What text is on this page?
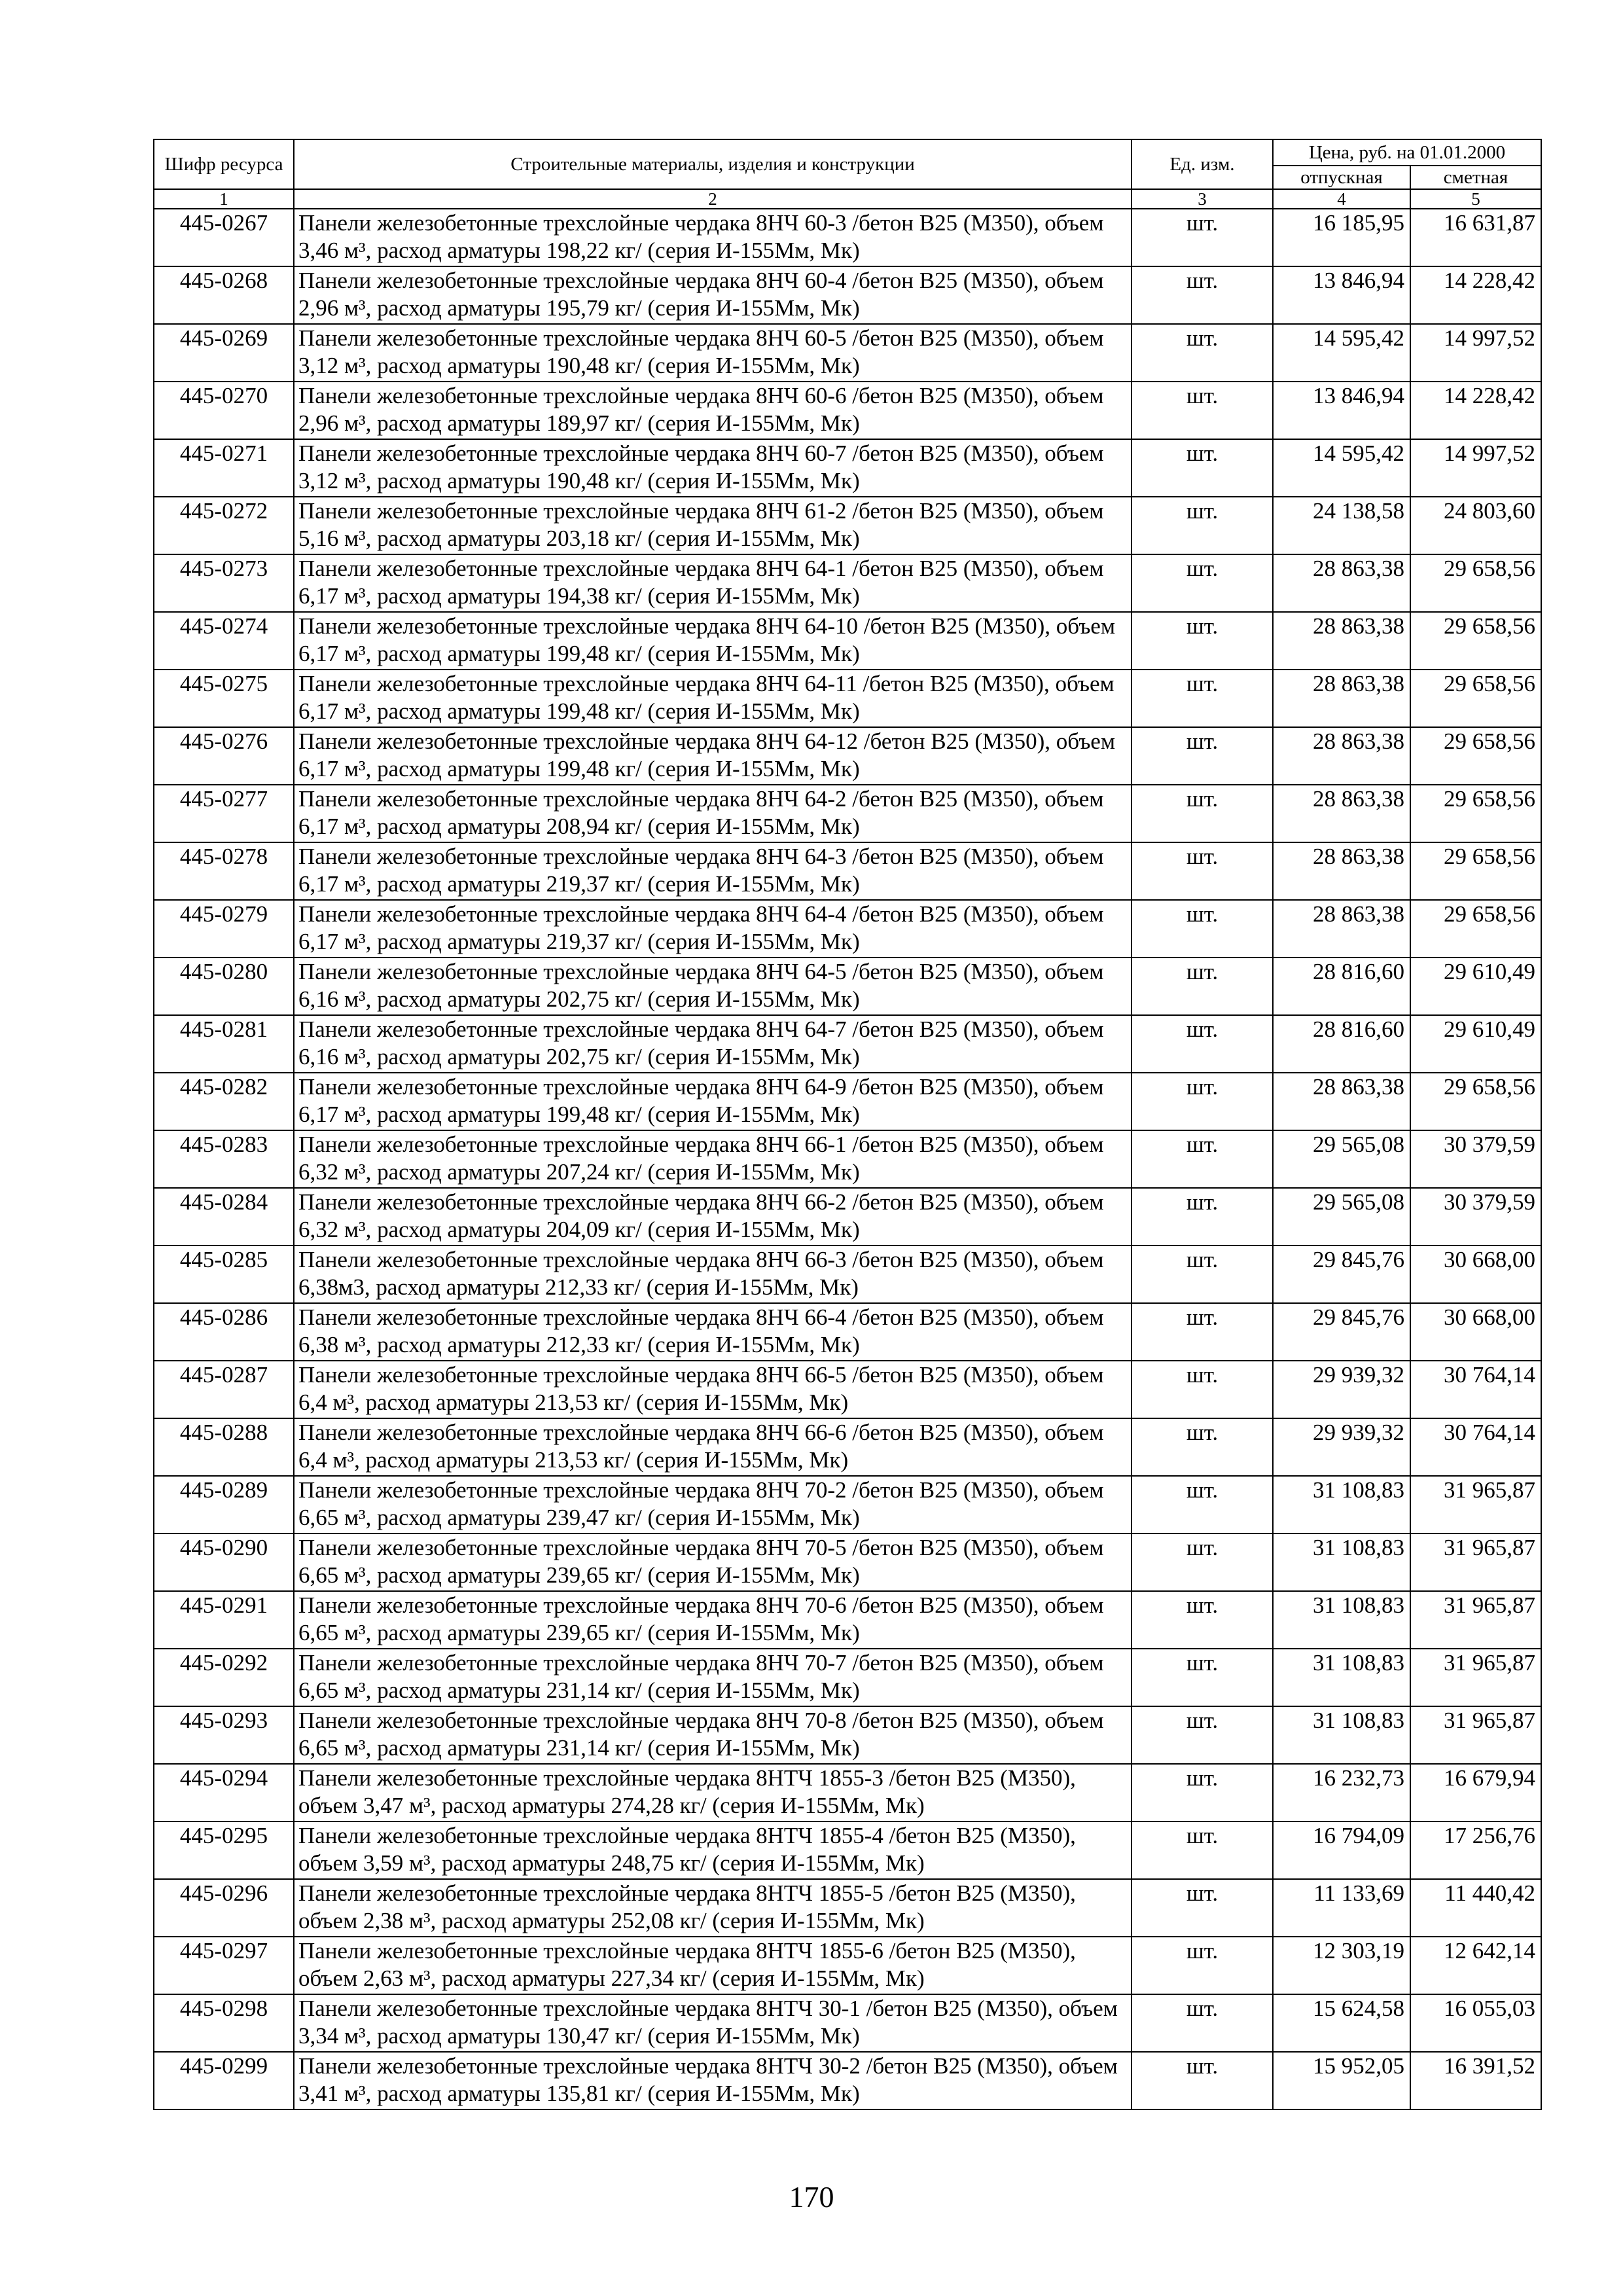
Шифр ресурса	Строительные материалы, изделия и конструкции	Ед. изм.	Цена, руб. на 01.01.2000	
			отпускная	сметная
1	2	3	4	5
445-0267	Панели железобетонные трехслойные чердака 8НЧ 60-3 /бетон В25 (М350), объем 3,46 м³, расход арматуры 198,22 кг/ (серия И-155Мм, Мк)	шт.	16 185,95	16 631,87
445-0268	Панели железобетонные трехслойные чердака 8НЧ 60-4 /бетон В25 (М350), объем 2,96 м³, расход арматуры 195,79 кг/ (серия И-155Мм, Мк)	шт.	13 846,94	14 228,42
445-0269	Панели железобетонные трехслойные чердака 8НЧ 60-5 /бетон В25 (М350), объем 3,12 м³, расход арматуры 190,48 кг/ (серия И-155Мм, Мк)	шт.	14 595,42	14 997,52
445-0270	Панели железобетонные трехслойные чердака 8НЧ 60-6 /бетон В25 (М350), объем 2,96 м³, расход арматуры 189,97 кг/ (серия И-155Мм, Мк)	шт.	13 846,94	14 228,42
445-0271	Панели железобетонные трехслойные чердака 8НЧ 60-7 /бетон В25 (М350), объем 3,12 м³, расход арматуры 190,48 кг/ (серия И-155Мм, Мк)	шт.	14 595,42	14 997,52
445-0272	Панели железобетонные трехслойные чердака 8НЧ 61-2 /бетон В25 (М350), объем 5,16 м³, расход арматуры 203,18 кг/ (серия И-155Мм, Мк)	шт.	24 138,58	24 803,60
445-0273	Панели железобетонные трехслойные чердака 8НЧ 64-1 /бетон В25 (М350), объем 6,17 м³, расход арматуры 194,38 кг/ (серия И-155Мм, Мк)	шт.	28 863,38	29 658,56
445-0274	Панели железобетонные трехслойные чердака 8НЧ 64-10 /бетон В25 (М350), объем 6,17 м³, расход арматуры 199,48 кг/ (серия И-155Мм, Мк)	шт.	28 863,38	29 658,56
445-0275	Панели железобетонные трехслойные чердака 8НЧ 64-11 /бетон В25 (М350), объем 6,17 м³, расход арматуры 199,48 кг/ (серия И-155Мм, Мк)	шт.	28 863,38	29 658,56
445-0276	Панели железобетонные трехслойные чердака 8НЧ 64-12 /бетон В25 (М350), объем 6,17 м³, расход арматуры 199,48 кг/ (серия И-155Мм, Мк)	шт.	28 863,38	29 658,56
445-0277	Панели железобетонные трехслойные чердака 8НЧ 64-2 /бетон В25 (М350), объем 6,17 м³, расход арматуры 208,94 кг/ (серия И-155Мм, Мк)	шт.	28 863,38	29 658,56
445-0278	Панели железобетонные трехслойные чердака 8НЧ 64-3 /бетон В25 (М350), объем 6,17 м³, расход арматуры 219,37 кг/ (серия И-155Мм, Мк)	шт.	28 863,38	29 658,56
445-0279	Панели железобетонные трехслойные чердака 8НЧ 64-4 /бетон В25 (М350), объем 6,17 м³, расход арматуры 219,37 кг/ (серия И-155Мм, Мк)	шт.	28 863,38	29 658,56
445-0280	Панели железобетонные трехслойные чердака 8НЧ 64-5 /бетон В25 (М350), объем 6,16 м³, расход арматуры 202,75 кг/ (серия И-155Мм, Мк)	шт.	28 816,60	29 610,49
445-0281	Панели железобетонные трехслойные чердака 8НЧ 64-7 /бетон В25 (М350), объем 6,16 м³, расход арматуры 202,75 кг/ (серия И-155Мм, Мк)	шт.	28 816,60	29 610,49
445-0282	Панели железобетонные трехслойные чердака 8НЧ 64-9 /бетон В25 (М350), объем 6,17 м³, расход арматуры 199,48 кг/ (серия И-155Мм, Мк)	шт.	28 863,38	29 658,56
445-0283	Панели железобетонные трехслойные чердака 8НЧ 66-1 /бетон В25 (М350), объем 6,32 м³, расход арматуры 207,24 кг/ (серия И-155Мм, Мк)	шт.	29 565,08	30 379,59
445-0284	Панели железобетонные трехслойные чердака 8НЧ 66-2 /бетон В25 (М350), объем 6,32 м³, расход арматуры 204,09 кг/ (серия И-155Мм, Мк)	шт.	29 565,08	30 379,59
445-0285	Панели железобетонные трехслойные чердака 8НЧ 66-3 /бетон В25 (М350), объем 6,38м3, расход арматуры 212,33 кг/ (серия И-155Мм, Мк)	шт.	29 845,76	30 668,00
445-0286	Панели железобетонные трехслойные чердака 8НЧ 66-4 /бетон В25 (М350), объем 6,38 м³, расход арматуры 212,33 кг/ (серия И-155Мм, Мк)	шт.	29 845,76	30 668,00
445-0287	Панели железобетонные трехслойные чердака 8НЧ 66-5 /бетон В25 (М350), объем 6,4 м³, расход арматуры 213,53 кг/ (серия И-155Мм, Мк)	шт.	29 939,32	30 764,14
445-0288	Панели железобетонные трехслойные чердака 8НЧ 66-6 /бетон В25 (М350), объем 6,4 м³, расход арматуры 213,53 кг/ (серия И-155Мм, Мк)	шт.	29 939,32	30 764,14
445-0289	Панели железобетонные трехслойные чердака 8НЧ 70-2 /бетон В25 (М350), объем 6,65 м³, расход арматуры 239,47 кг/ (серия И-155Мм, Мк)	шт.	31 108,83	31 965,87
445-0290	Панели железобетонные трехслойные чердака 8НЧ 70-5 /бетон В25 (М350), объем 6,65 м³, расход арматуры 239,65 кг/ (серия И-155Мм, Мк)	шт.	31 108,83	31 965,87
445-0291	Панели железобетонные трехслойные чердака 8НЧ 70-6 /бетон В25 (М350), объем 6,65 м³, расход арматуры 239,65 кг/ (серия И-155Мм, Мк)	шт.	31 108,83	31 965,87
445-0292	Панели железобетонные трехслойные чердака 8НЧ 70-7 /бетон В25 (М350), объем 6,65 м³, расход арматуры 231,14 кг/ (серия И-155Мм, Мк)	шт.	31 108,83	31 965,87
445-0293	Панели железобетонные трехслойные чердака 8НЧ 70-8 /бетон В25 (М350), объем 6,65 м³, расход арматуры 231,14 кг/ (серия И-155Мм, Мк)	шт.	31 108,83	31 965,87
445-0294	Панели железобетонные трехслойные чердака 8НТЧ 1855-3 /бетон В25 (М350), объем 3,47 м³, расход арматуры 274,28 кг/ (серия И-155Мм, Мк)	шт.	16 232,73	16 679,94
445-0295	Панели железобетонные трехслойные чердака 8НТЧ 1855-4 /бетон В25 (М350), объем 3,59 м³, расход арматуры 248,75 кг/ (серия И-155Мм, Мк)	шт.	16 794,09	17 256,76
445-0296	Панели железобетонные трехслойные чердака 8НТЧ 1855-5 /бетон В25 (М350), объем 2,38 м³, расход арматуры 252,08 кг/ (серия И-155Мм, Мк)	шт.	11 133,69	11 440,42
445-0297	Панели железобетонные трехслойные чердака 8НТЧ 1855-6 /бетон В25 (М350), объем 2,63 м³, расход арматуры 227,34 кг/ (серия И-155Мм, Мк)	шт.	12 303,19	12 642,14
445-0298	Панели железобетонные трехслойные чердака 8НТЧ 30-1 /бетон В25 (М350), объем 3,34 м³, расход арматуры 130,47 кг/ (серия И-155Мм, Мк)	шт.	15 624,58	16 055,03
445-0299	Панели железобетонные трехслойные чердака 8НТЧ 30-2 /бетон В25 (М350), объем 3,41 м³, расход арматуры 135,81 кг/ (серия И-155Мм, Мк)	шт.	15 952,05	16 391,52
170
